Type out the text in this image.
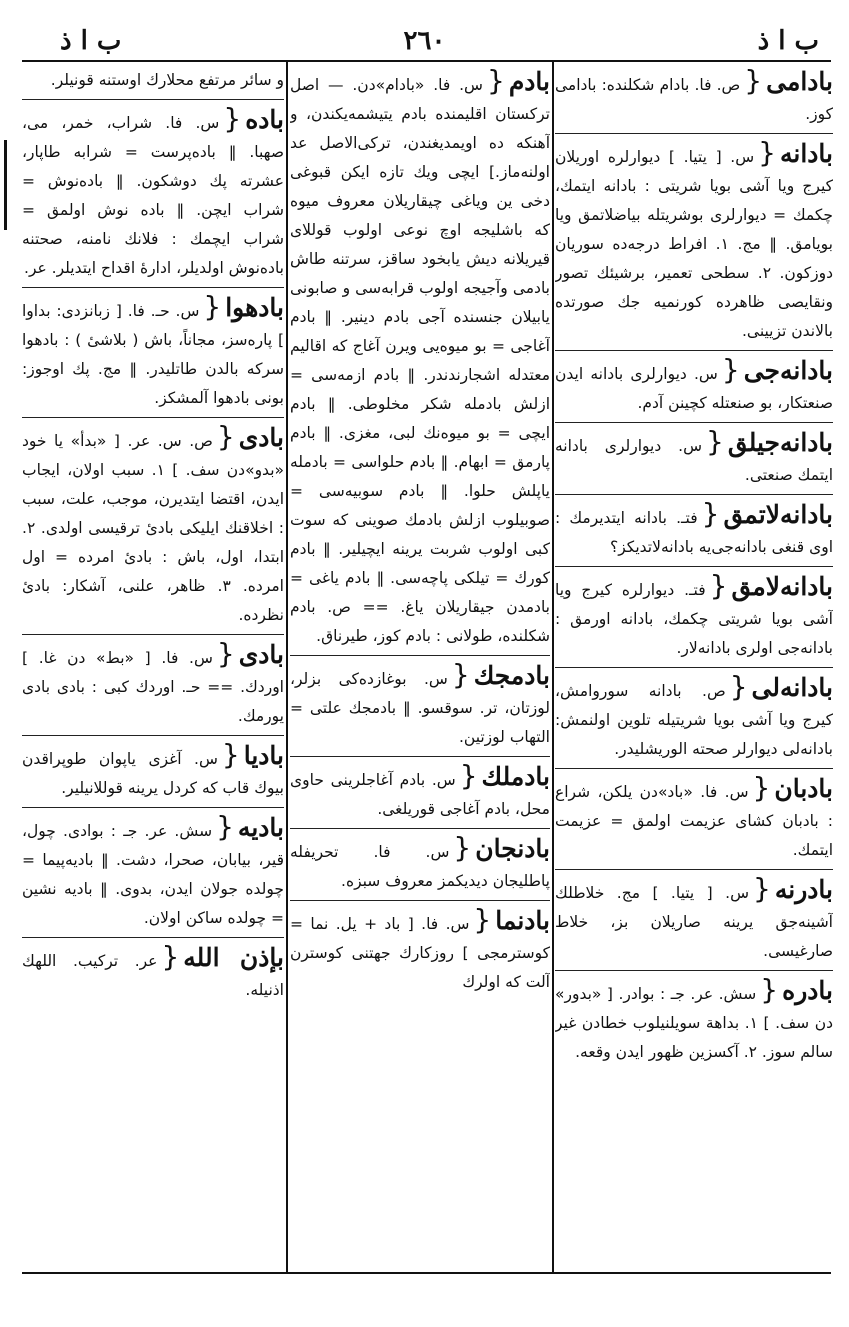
ب ا ذ
٢٦٠
ب ا ذ

بادامى{ص. فا. بادام شكلنده: بادامى كوز.

بادانه{س. [ يتيا. ] ديوارلره اوريلان كيرج ويا آشى بويا شريتى : بادانه ايتمك، چكمك = ديوارلرى بوشريتله بياضلاتمق ويا بويامق. ‖ مج. ١. افراط درجه‌ده سوريان دوزكون. ٢. سطحى تعمير، برشيئك تصور ونقايصى ظاهرده كورنميه جك صورتده بالاندن تزيينى.

بادانه‌جى{س. ديوارلرى بادانه ايدن صنعتكار، بو صنعتله كچينن آدم.

بادانه‌جيلق{س. ديوارلرى بادانه ايتمك صنعتى.

بادانه‌لاتمق{فتـ. بادانه ايتديرمك : اوى قنغى بادانه‌جى‌يه بادانه‌لاتديكز؟

بادانه‌لامق{فتـ. ديوارلره كيرج ويا آشى بويا شريتى چكمك، بادانه اورمق : بادانه‌جى اولرى بادانه‌لار.

بادانه‌لى{ص. بادانه سوروامش، كيرج ويا آشى بويا شريتيله تلوين اولنمش: بادانه‌لى ديوارلر صحته الوريشليدر.

بادبان{س. فا. «باد»دن يلكن، شراع : بادبان كشاى عزيمت اولمق = عزيمت ايتمك.

بادرنه{س. [ يتيا. ] مج. خلاطلك آشينه‌جق يرينه صاريلان بز، خلاط صارغيسى.

بادره{سش. عر. جـ : بوادر. [ «بدور» دن سف. ] ١. بداهة سويلنيلوب خطادن غير سالم سوز. ٢. آكسزين ظهور ايدن وقعه.

بادم{س. فا. «بادام»دن. — اصل تركستان اقليمنده بادم يتيشمه‌يكندن، و آهنكه ده اويمديغندن، تركى‌الاصل عد اولنه‌ماز.] ايچى ويك تازه ايكن قبوغى دخى ين وياغى چيقاريلان معروف ميوه كه باشليجه اوچ نوعى اولوب قوللاى قيريلانه ديش يابخود ساقز، سرتنه طاش بادمى وآجيجه اولوب قرابه‌سى و صابونى يابيلان جنسنده آجى بادم دينير. ‖ بادم آغاجى = بو ميوه‌يى ويرن آغاج كه اقاليم معتدله اشجارندندر. ‖ بادم ازمه‌سى = ازلش بادمله شكر مخلوطى. ‖ بادم ايچى = بو ميوه‌نك لبى، مغزى. ‖ بادم پارمق = ابهام. ‖ بادم حلواسى = بادمله ياپلش حلوا. ‖ بادم سوبيه‌سى = صوبيلوب ازلش بادمك صوينى كه سوت كبى اولوب شربت يرينه ايچيلير. ‖ بادم كورك = تيلكى پاچه‌سى. ‖ بادم ياغى = بادمدن جيقاريلان ياغ. == ص. بادم شكلنده، طولانى : بادم كوز، طيرناق.

بادمجك{س. بوغازده‌كى بزلر، لوزتان، تر. سوقسو. ‖ بادمجك علتى = التهاب لوزتين.

بادملك{س. بادم آغاجلرينى حاوى محل، بادم آغاجى قوريلغى.

بادنجان{س. فا. تحريفله پاطليجان ديديكمز معروف سبزه.

بادنما{س. فا. [ باد + يل. نما = كوسترمجى ] روزكارك جهتنى كوسترن آلت كه اولرك

و سائر مرتفع محلارك اوستنه قونيلر.

باده{س. فا. شراب، خمر، مى، صهبا. ‖ باده‌پرست = شرابه طاپار، عشرته پك دوشكون. ‖ باده‌نوش = شراب ايچن. ‖ باده نوش اولمق = شراب ايچمك : فلانك نامنه، صحتنه باده‌نوش اولديلر، ادارهٔ اقداح ايتديلر. عر.

بادهوا{س. حـ. فا. [ زبانزدى: بداوا ] پارەسز، مجاناً، باش ( بلاشىٔ ) : بادهوا سركه بالدن طاتليدر. ‖ مج. پك اوجوز: بونى بادهوا آلمشكز.

بادى{ص. س. عر. [ «بدأ» يا خود «بدو»دن سف. ] ١. سبب اولان، ايجاب ايدن، اقتضا ايتديرن، موجب، علت، سبب : اخلاقنك ايليكى بادىٔ ترقيسى اولدى. ٢. ابتدا، اول، باش : بادىٔ امرده = اول امرده. ٣. ظاهر، علنى، آشكار: بادىٔ نظرده.

بادى{س. فا. [ «بط» دن غا. ] اوردك. == حـ. اوردك كبى : بادى بادى يورمك.

باديا{س. آغزى ياپوان طوپراقدن بيوك قاب كه كردل يرينه قوللانيلير.

باديه{سش. عر. جـ : بوادى. چول، قير، بيابان، صحرا، دشت. ‖ باديه‌پيما = چولده جولان ايدن، بدوى. ‖ باديه نشين = چولده ساكن اولان.

بإذن الله{عر. تركيب. اللهك اذنيله.
